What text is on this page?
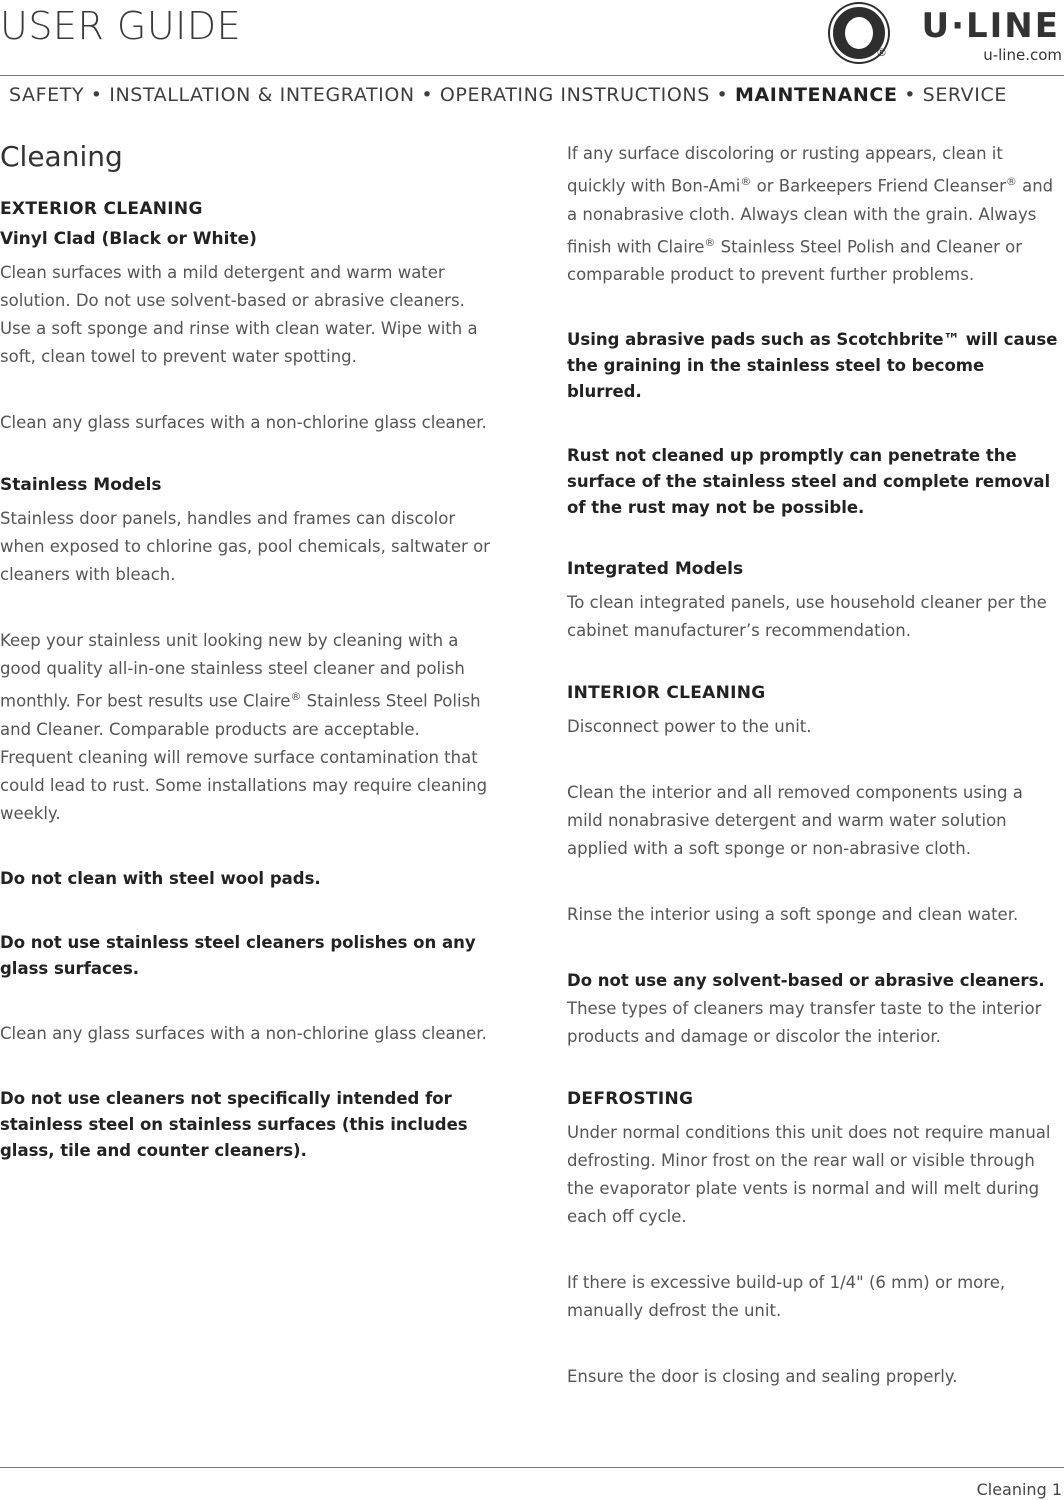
USER GUIDE
®
U·LINE
u-line.com
SAFETY • INSTALLATION & INTEGRATION • OPERATING INSTRUCTIONS • MAINTENANCE • SERVICE
Cleaning
EXTERIOR CLEANING
Vinyl Clad (Black or White)

Clean surfaces with a mild detergent and warm water solution. Do not use solvent-based or abrasive cleaners. Use a soft sponge and rinse with clean water. Wipe with a soft, clean towel to prevent water spotting.

Clean any glass surfaces with a non-chlorine glass cleaner.

Stainless Models

Stainless door panels, handles and frames can discolor when exposed to chlorine gas, pool chemicals, saltwater or cleaners with bleach.

Keep your stainless unit looking new by cleaning with a good quality all-in-one stainless steel cleaner and polish monthly. For best results use Claire® Stainless Steel Polish and Cleaner. Comparable products are acceptable. Frequent cleaning will remove surface contamination that could lead to rust. Some installations may require cleaning weekly.

Do not clean with steel wool pads.

Do not use stainless steel cleaners polishes on any glass surfaces.

Clean any glass surfaces with a non-chlorine glass cleaner.

Do not use cleaners not specifically intended for stainless steel on stainless surfaces (this includes glass, tile and counter cleaners).

If any surface discoloring or rusting appears, clean it quickly with Bon-Ami® or Barkeepers Friend Cleanser® and a nonabrasive cloth. Always clean with the grain. Always finish with Claire® Stainless Steel Polish and Cleaner or comparable product to prevent further problems.

Using abrasive pads such as Scotchbrite™ will cause the graining in the stainless steel to become blurred.

Rust not cleaned up promptly can penetrate the surface of the stainless steel and complete removal of the rust may not be possible.

Integrated Models

To clean integrated panels, use household cleaner per the cabinet manufacturer’s recommendation.

INTERIOR CLEANING

Disconnect power to the unit.

Clean the interior and all removed components using a mild nonabrasive detergent and warm water solution applied with a soft sponge or non-abrasive cloth.

Rinse the interior using a soft sponge and clean water.

Do not use any solvent-based or abrasive cleaners. These types of cleaners may transfer taste to the interior products and damage or discolor the interior.

DEFROSTING

Under normal conditions this unit does not require manual defrosting. Minor frost on the rear wall or visible through the evaporator plate vents is normal and will melt during each off cycle.

If there is excessive build-up of 1/4" (6 mm) or more, manually defrost the unit.

Ensure the door is closing and sealing properly.

Cleaning 1
